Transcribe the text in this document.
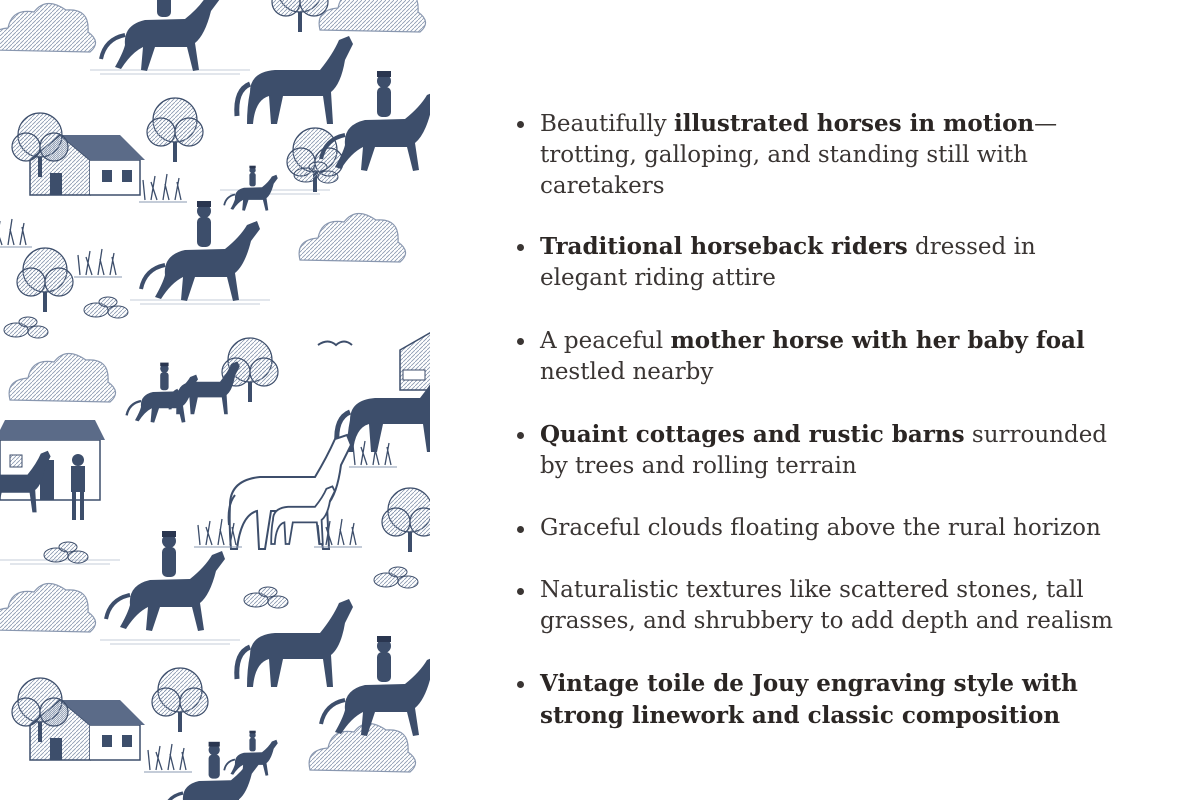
Beautifully illustrated horses in motion—trotting, galloping, and standing still with caretakers
Traditional horseback riders dressed in elegant riding attire
A peaceful mother horse with her baby foal nestled nearby
Quaint cottages and rustic barns surrounded by trees and rolling terrain
Graceful clouds floating above the rural horizon
Naturalistic textures like scattered stones, tall grasses, and shrubbery to add depth and realism
Vintage toile de Jouy engraving style with strong linework and classic composition
